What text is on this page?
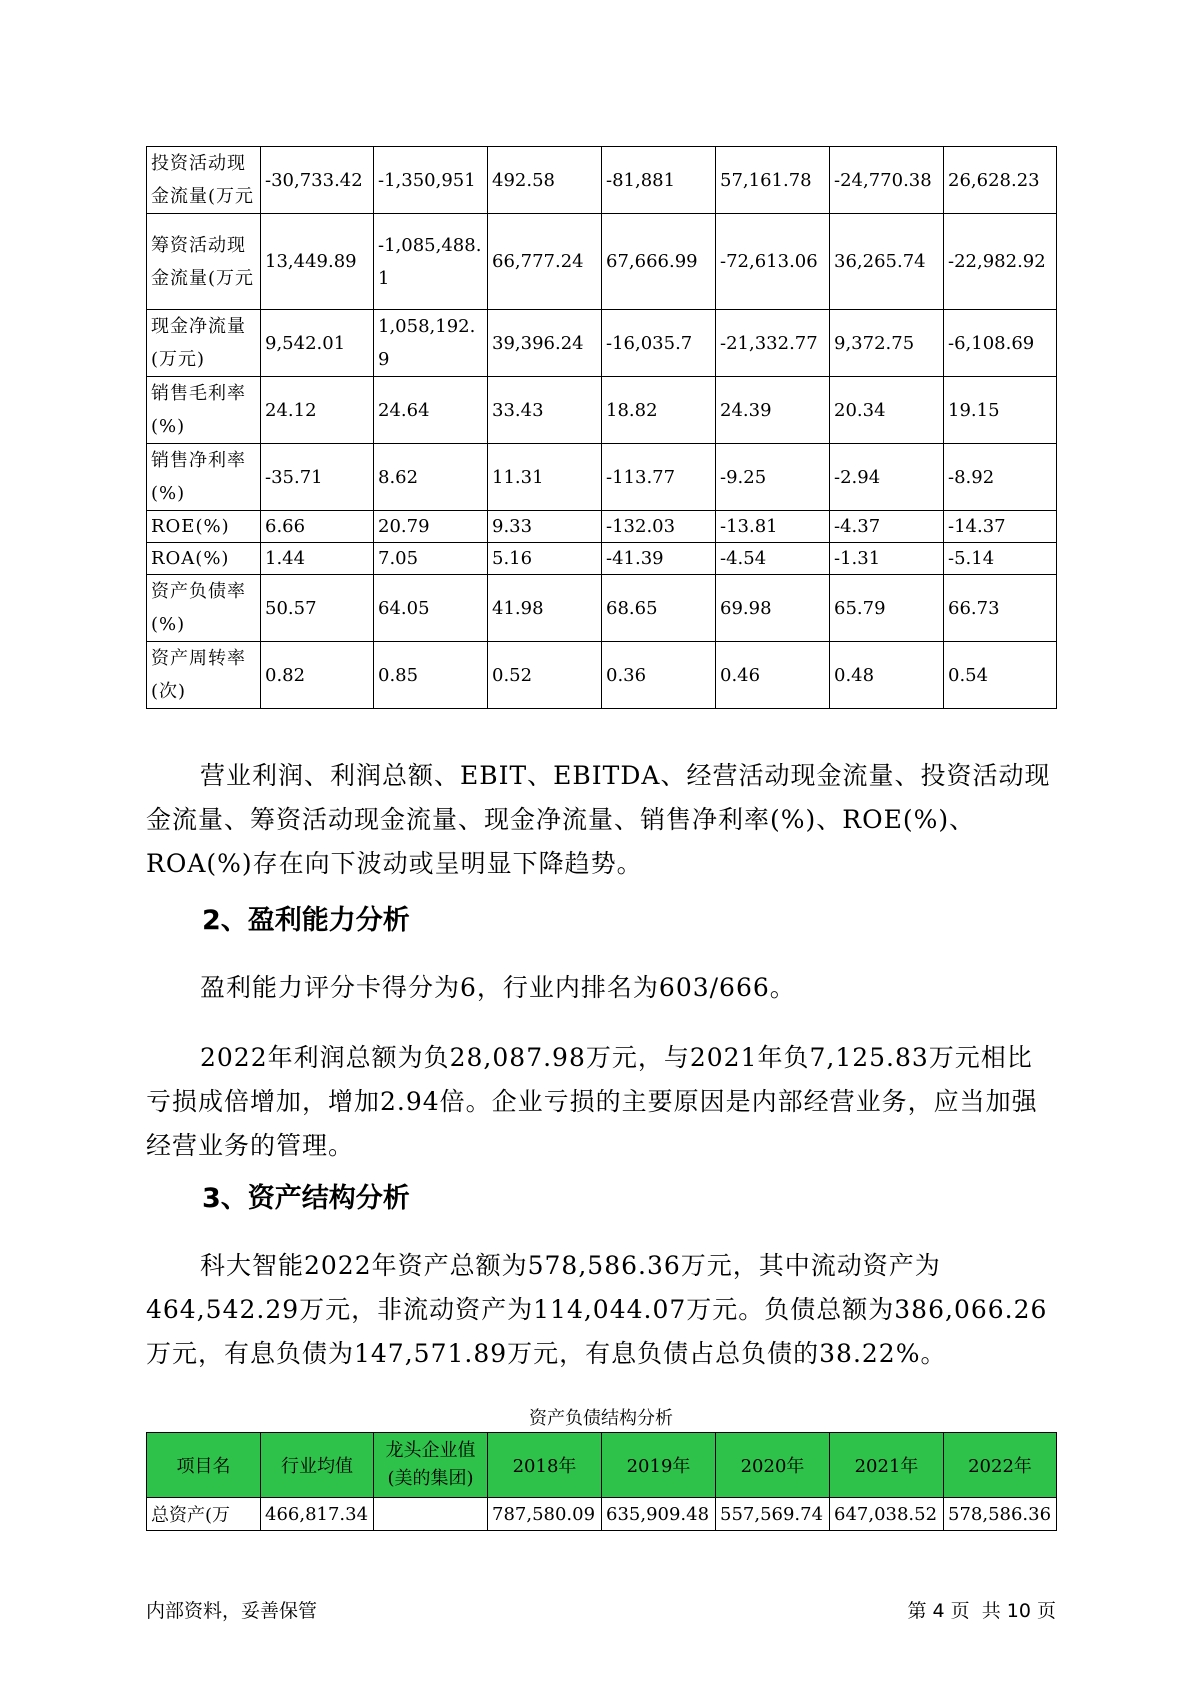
投资活动现金流量(万元	-30,733.42	-1,350,951	492.58	-81,881	57,161.78	-24,770.38	26,628.23
筹资活动现金流量(万元	13,449.89	-1,085,488.1	66,777.24	67,666.99	-72,613.06	36,265.74	-22,982.92
现金净流量(万元)	9,542.01	1,058,192.9	39,396.24	-16,035.7	-21,332.77	9,372.75	-6,108.69
销售毛利率(%)	24.12	24.64	33.43	18.82	24.39	20.34	19.15
销售净利率(%)	-35.71	8.62	11.31	-113.77	-9.25	-2.94	-8.92
ROE(%)	6.66	20.79	9.33	-132.03	-13.81	-4.37	-14.37
ROA(%)	1.44	7.05	5.16	-41.39	-4.54	-1.31	-5.14
资产负债率(%)	50.57	64.05	41.98	68.65	69.98	65.79	66.73
资产周转率(次)	0.82	0.85	0.52	0.36	0.46	0.48	0.54

营业利润、利润总额、EBIT、EBITDA、经营活动现金流量、投资活动现金流量、筹资活动现金流量、现金净流量、销售净利率(%)、ROE(%)、ROA(%)存在向下波动或呈明显下降趋势。

2、盈利能力分析

盈利能力评分卡得分为6，行业内排名为603/666。

2022年利润总额为负28,087.98万元，与2021年负7,125.83万元相比亏损成倍增加，增加2.94倍。企业亏损的主要原因是内部经营业务，应当加强经营业务的管理。

3、资产结构分析

科大智能2022年资产总额为578,586.36万元，其中流动资产为464,542.29万元，非流动资产为114,044.07万元。负债总额为386,066.26万元，有息负债为147,571.89万元，有息负债占总负债的38.22%。

资产负债结构分析
项目名	行业均值	龙头企业值(美的集团)	2018年	2019年	2020年	2021年	2022年
总资产(万	466,817.34		787,580.09	635,909.48	557,569.74	647,038.52	578,586.36
内部资料，妥善保管	第 4 页  共 10 页
